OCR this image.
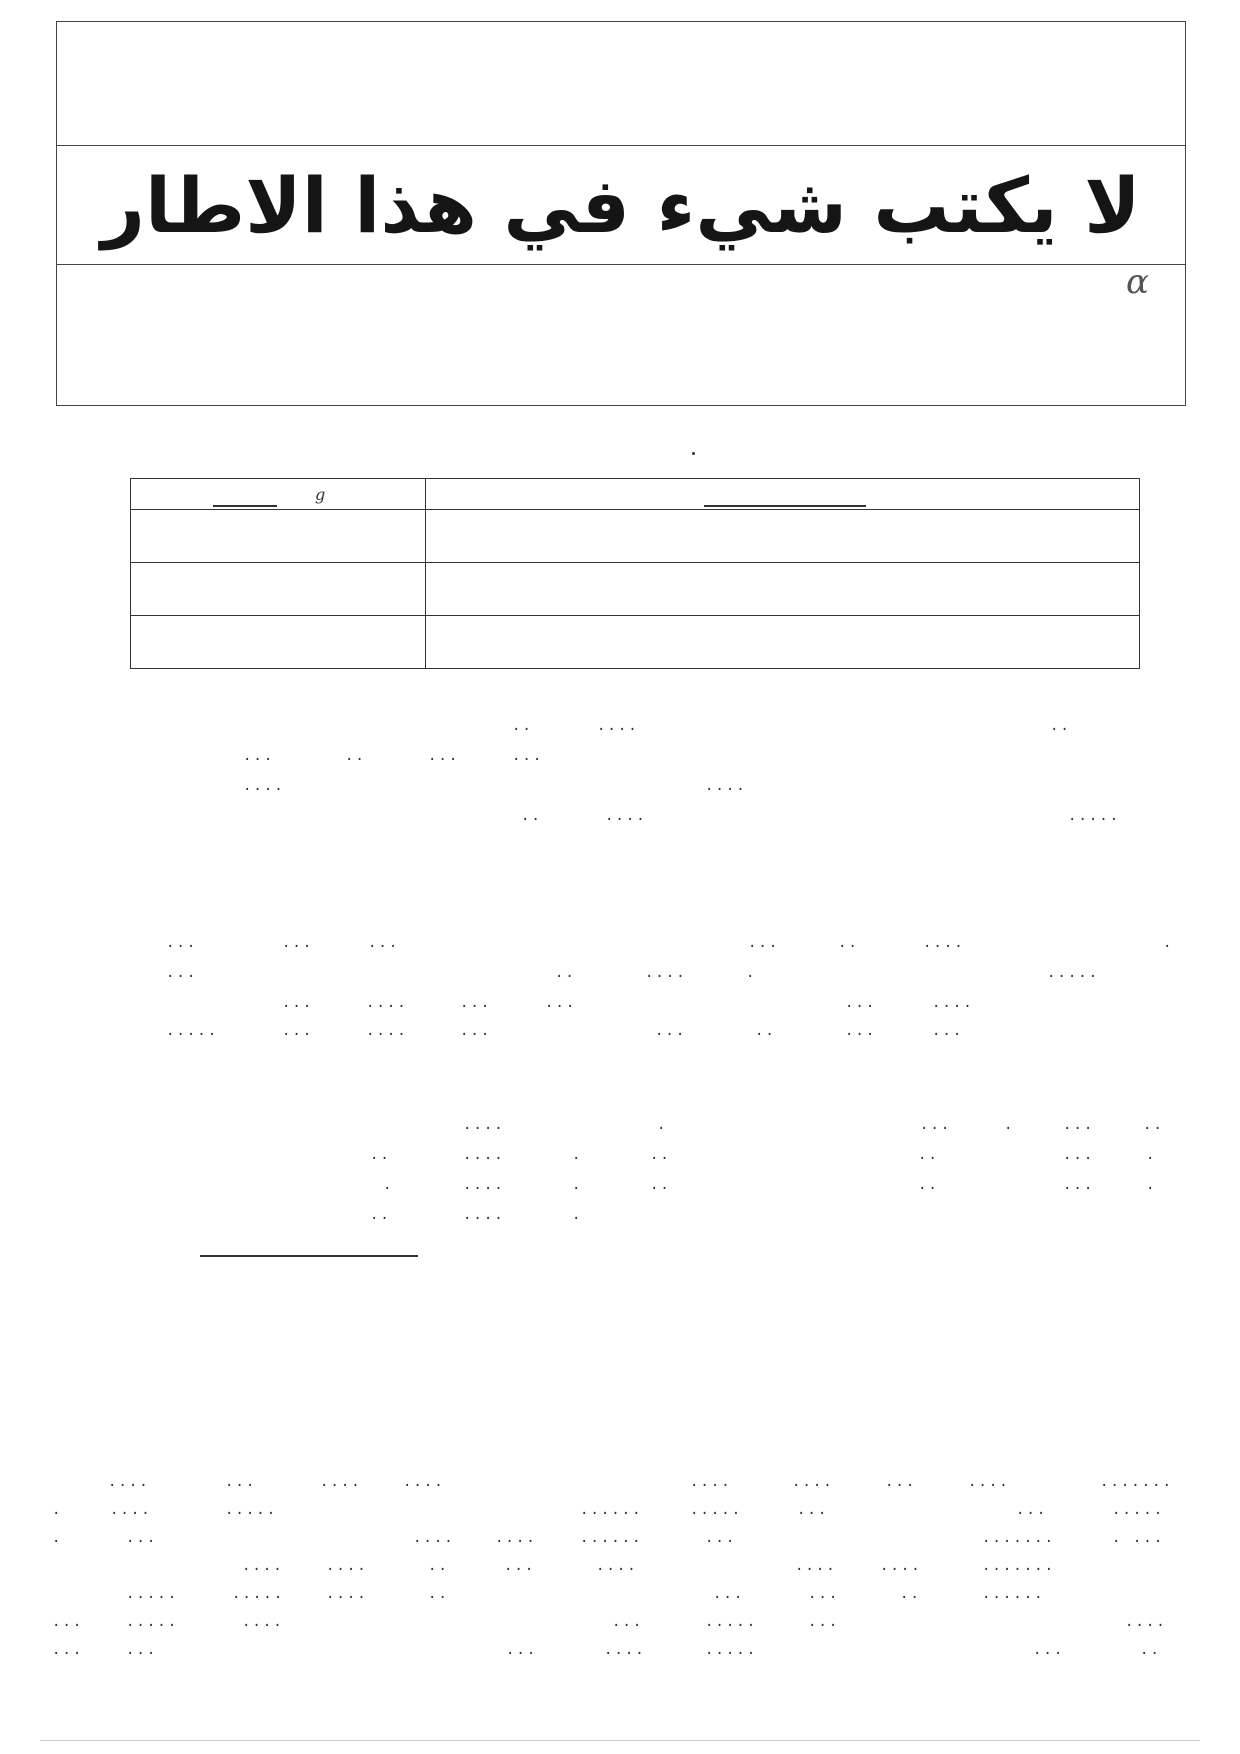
لا يكتب شيء في هذا الاطار
α
g	

..	....	..
...	..	...	...
....	....
..	....	.....
...	...	...	...	..	....	.
...	..	....	.	.....
...	....	...	...	...	....
.....	...	....	...	...	..	...	...
....	.	...	.	...	..
..	....	.	..	..	...	.
.	....	.	..	..	...	.
..	....	.
....	...	....	....	....	....	...	....	.......
.	....	.....	......	.....	...	...	.....
.	...	....	....	......	...	.......	. ...
....	....	..	...	....	....	....	.......
.....	.....	....	..	...	...	..	......
...	.....	....	...	.....	...	....
...	...	...	....	.....	...	..
